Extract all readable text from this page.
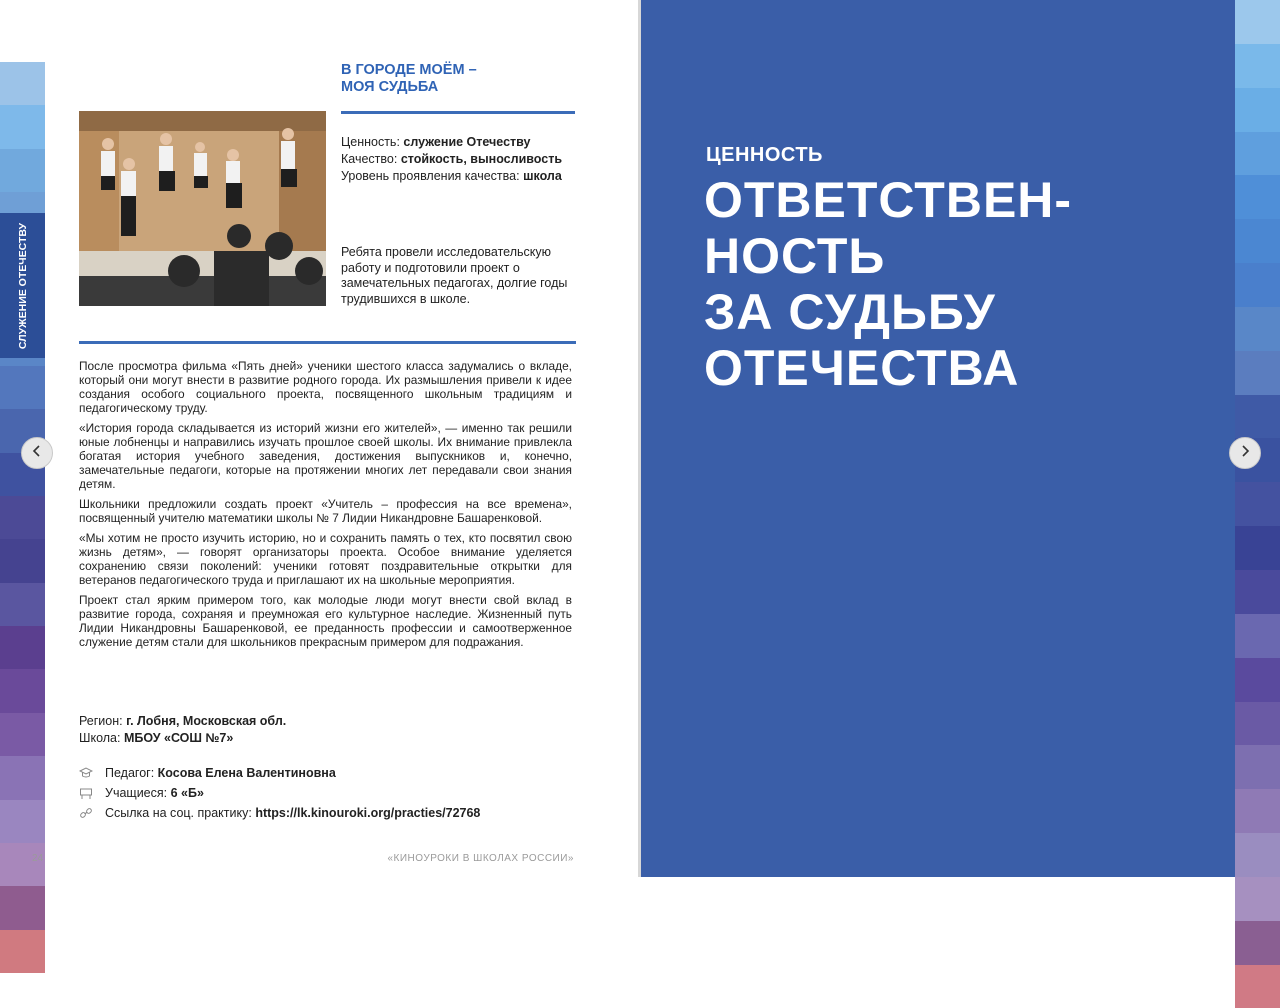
СЛУЖЕНИЕ ОТЕЧЕСТВУ
В ГОРОДЕ МОЁМ –
МОЯ СУДЬБА
Ценность: служение Отечеству
Качество: стойкость, выносливость
Уровень проявления качества: школа
Ребята провели исследовательскую работу и подготовили проект о замечательных педагогах, долгие годы трудившихся в школе.

После просмотра фильма «Пять дней» ученики шестого класса задумались о вкладе, который они могут внести в развитие родного города. Их размышления привели к идее создания особого социального проекта, посвященного школьным традициям и педагогическому труду.

«История города складывается из историй жизни его жителей», — именно так решили юные лобненцы и направились изучать прошлое своей школы. Их внимание привлекла богатая история учебного заведения, достижения выпускников и, конечно, замечательные педагоги, которые на протяжении многих лет передавали свои знания детям.

Школьники предложили создать проект «Учитель – профессия на все времена», посвященный учителю математики школы № 7 Лидии Никандровне Башаренковой.

«Мы хотим не просто изучить историю, но и сохранить память о тех, кто посвятил свою жизнь детям», — говорят организаторы проекта. Особое внимание уделяется сохранению связи поколений: ученики готовят поздравительные открытки для ветеранов педагогического труда и приглашают их на школьные мероприятия.

Проект стал ярким примером того, как молодые люди могут внести свой вклад в развитие города, сохраняя и преумножая его культурное наследие. Жизненный путь Лидии Никандровны Башаренковой, ее преданность профессии и самоотверженное служение детям стали для школьников прекрасным примером для подражания.

Регион: г. Лобня, Московская обл.
Школа: МБОУ «СОШ №7»
Педагог:
Косова Елена Валентиновна
Учащиеся:
6 «Б»
Ссылка на соц. практику:
https://lk.kinouroki.org/practies/72768
24	«КИНОУРОКИ В ШКОЛАХ РОССИИ»
ЦЕННОСТЬ
ОТВЕТСТВЕН-
НОСТЬ
ЗА СУДЬБУ
ОТЕЧЕСТВА
